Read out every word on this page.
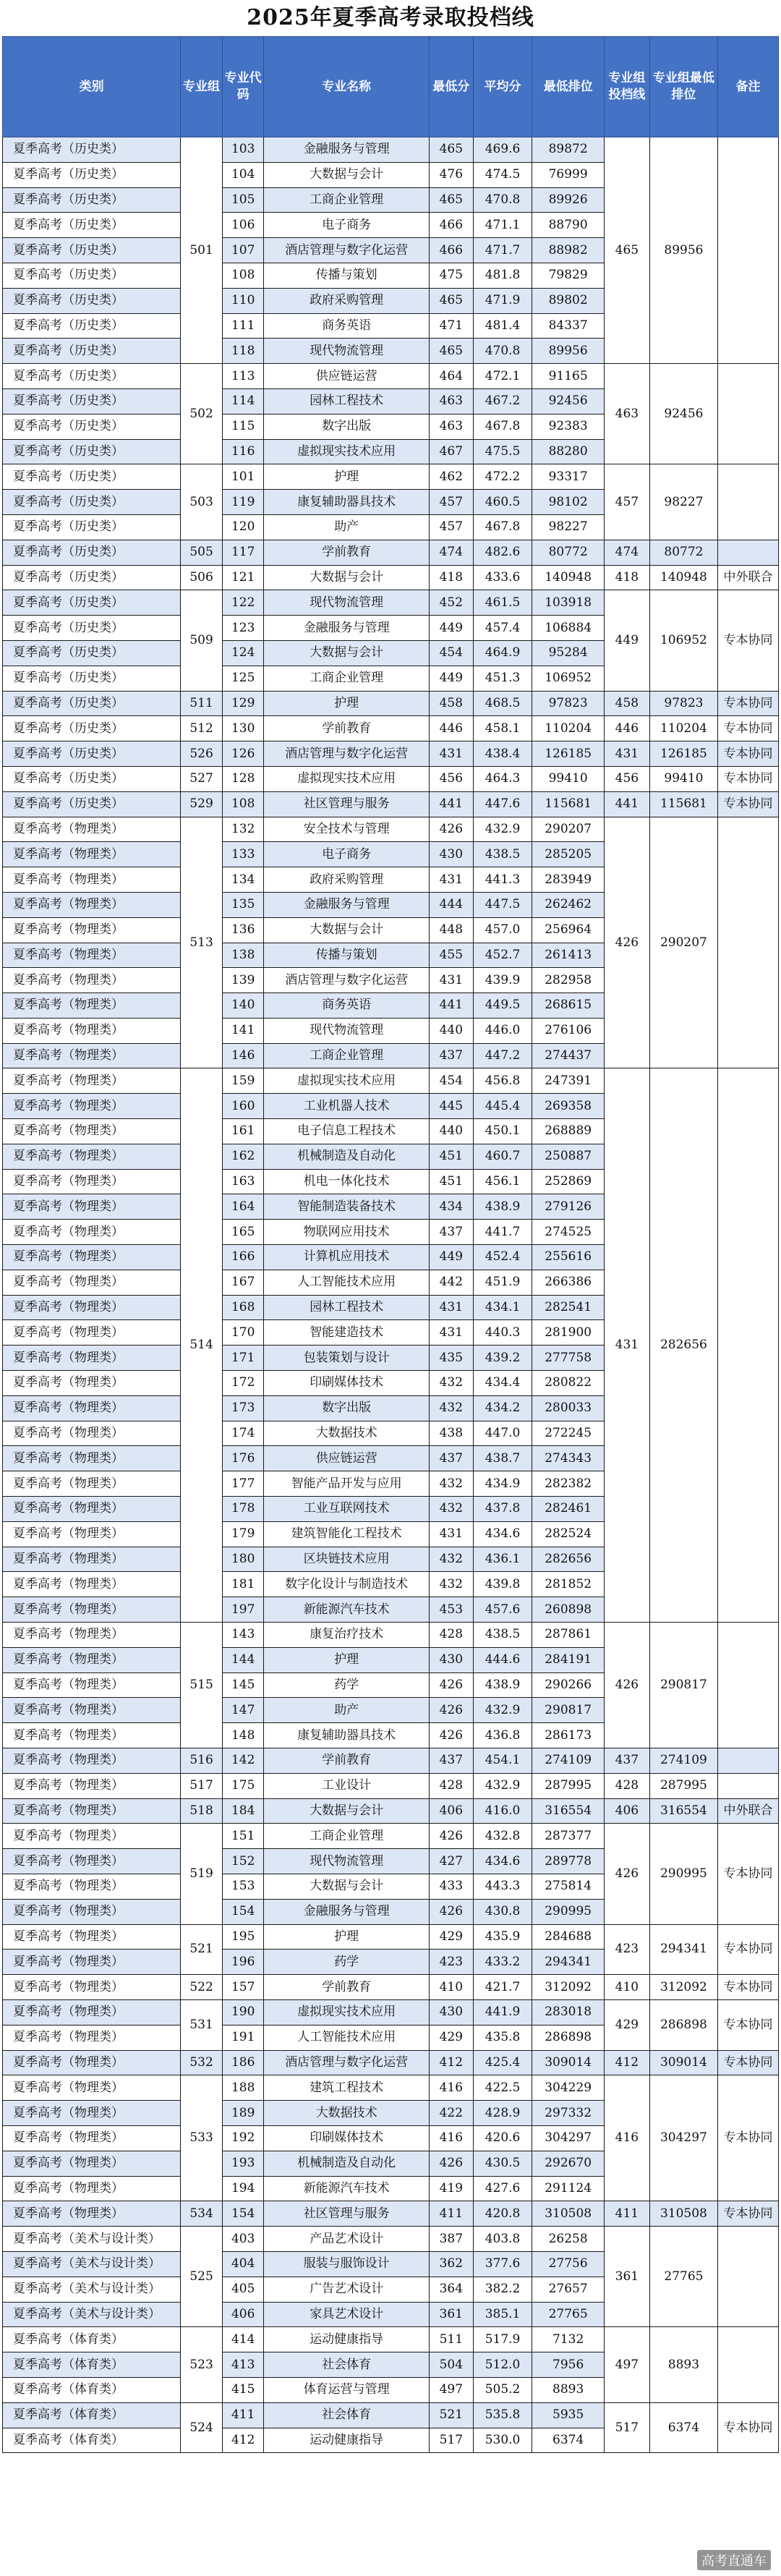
2025年夏季高考录取投档线
类别	专业组	专业代码	专业名称	最低分	平均分	最低排位	专业组投档线	专业组最低排位	备注
夏季高考（历史类）	501	103	金融服务与管理	465	469.6	89872	465	89956	
夏季高考（历史类）		104	大数据与会计	476	474.5	76999			
夏季高考（历史类）		105	工商企业管理	465	470.8	89926			
夏季高考（历史类）		106	电子商务	466	471.1	88790			
夏季高考（历史类）		107	酒店管理与数字化运营	466	471.7	88982			
夏季高考（历史类）		108	传播与策划	475	481.8	79829			
夏季高考（历史类）		110	政府采购管理	465	471.9	89802			
夏季高考（历史类）		111	商务英语	471	481.4	84337			
夏季高考（历史类）		118	现代物流管理	465	470.8	89956			
夏季高考（历史类）	502	113	供应链运营	464	472.1	91165	463	92456	
夏季高考（历史类）		114	园林工程技术	463	467.2	92456			
夏季高考（历史类）		115	数字出版	463	467.8	92383			
夏季高考（历史类）		116	虚拟现实技术应用	467	475.5	88280			
夏季高考（历史类）	503	101	护理	462	472.2	93317	457	98227	
夏季高考（历史类）		119	康复辅助器具技术	457	460.5	98102			
夏季高考（历史类）		120	助产	457	467.8	98227			
夏季高考（历史类）	505	117	学前教育	474	482.6	80772	474	80772	
夏季高考（历史类）	506	121	大数据与会计	418	433.6	140948	418	140948	中外联合
夏季高考（历史类）	509	122	现代物流管理	452	461.5	103918	449	106952	专本协同
夏季高考（历史类）		123	金融服务与管理	449	457.4	106884			
夏季高考（历史类）		124	大数据与会计	454	464.9	95284			
夏季高考（历史类）		125	工商企业管理	449	451.3	106952			
夏季高考（历史类）	511	129	护理	458	468.5	97823	458	97823	专本协同
夏季高考（历史类）	512	130	学前教育	446	458.1	110204	446	110204	专本协同
夏季高考（历史类）	526	126	酒店管理与数字化运营	431	438.4	126185	431	126185	专本协同
夏季高考（历史类）	527	128	虚拟现实技术应用	456	464.3	99410	456	99410	专本协同
夏季高考（历史类）	529	108	社区管理与服务	441	447.6	115681	441	115681	专本协同
夏季高考（物理类）	513	132	安全技术与管理	426	432.9	290207	426	290207	
夏季高考（物理类）		133	电子商务	430	438.5	285205			
夏季高考（物理类）		134	政府采购管理	431	441.3	283949			
夏季高考（物理类）		135	金融服务与管理	444	447.5	262462			
夏季高考（物理类）		136	大数据与会计	448	457.0	256964			
夏季高考（物理类）		138	传播与策划	455	452.7	261413			
夏季高考（物理类）		139	酒店管理与数字化运营	431	439.9	282958			
夏季高考（物理类）		140	商务英语	441	449.5	268615			
夏季高考（物理类）		141	现代物流管理	440	446.0	276106			
夏季高考（物理类）		146	工商企业管理	437	447.2	274437			
夏季高考（物理类）	514	159	虚拟现实技术应用	454	456.8	247391	431	282656	
夏季高考（物理类）		160	工业机器人技术	445	445.4	269358			
夏季高考（物理类）		161	电子信息工程技术	440	450.1	268889			
夏季高考（物理类）		162	机械制造及自动化	451	460.7	250887			
夏季高考（物理类）		163	机电一体化技术	451	456.1	252869			
夏季高考（物理类）		164	智能制造装备技术	434	438.9	279126			
夏季高考（物理类）		165	物联网应用技术	437	441.7	274525			
夏季高考（物理类）		166	计算机应用技术	449	452.4	255616			
夏季高考（物理类）		167	人工智能技术应用	442	451.9	266386			
夏季高考（物理类）		168	园林工程技术	431	434.1	282541			
夏季高考（物理类）		170	智能建造技术	431	440.3	281900			
夏季高考（物理类）		171	包装策划与设计	435	439.2	277758			
夏季高考（物理类）		172	印刷媒体技术	432	434.4	280822			
夏季高考（物理类）		173	数字出版	432	434.2	280033			
夏季高考（物理类）		174	大数据技术	438	447.0	272245			
夏季高考（物理类）		176	供应链运营	437	438.7	274343			
夏季高考（物理类）		177	智能产品开发与应用	432	434.9	282382			
夏季高考（物理类）		178	工业互联网技术	432	437.8	282461			
夏季高考（物理类）		179	建筑智能化工程技术	431	434.6	282524			
夏季高考（物理类）		180	区块链技术应用	432	436.1	282656			
夏季高考（物理类）		181	数字化设计与制造技术	432	439.8	281852			
夏季高考（物理类）		197	新能源汽车技术	453	457.6	260898			
夏季高考（物理类）	515	143	康复治疗技术	428	438.5	287861	426	290817	
夏季高考（物理类）		144	护理	430	444.6	284191			
夏季高考（物理类）		145	药学	426	438.9	290266			
夏季高考（物理类）		147	助产	426	432.9	290817			
夏季高考（物理类）		148	康复辅助器具技术	426	436.8	286173			
夏季高考（物理类）	516	142	学前教育	437	454.1	274109	437	274109	
夏季高考（物理类）	517	175	工业设计	428	432.9	287995	428	287995	
夏季高考（物理类）	518	184	大数据与会计	406	416.0	316554	406	316554	中外联合
夏季高考（物理类）	519	151	工商企业管理	426	432.8	287377	426	290995	专本协同
夏季高考（物理类）		152	现代物流管理	427	434.6	289778			
夏季高考（物理类）		153	大数据与会计	433	443.3	275814			
夏季高考（物理类）		154	金融服务与管理	426	430.8	290995			
夏季高考（物理类）	521	195	护理	429	435.9	284688	423	294341	专本协同
夏季高考（物理类）		196	药学	423	433.2	294341			
夏季高考（物理类）	522	157	学前教育	410	421.7	312092	410	312092	专本协同
夏季高考（物理类）	531	190	虚拟现实技术应用	430	441.9	283018	429	286898	专本协同
夏季高考（物理类）		191	人工智能技术应用	429	435.8	286898			
夏季高考（物理类）	532	186	酒店管理与数字化运营	412	425.4	309014	412	309014	专本协同
夏季高考（物理类）	533	188	建筑工程技术	416	422.5	304229	416	304297	专本协同
夏季高考（物理类）		189	大数据技术	422	428.9	297332			
夏季高考（物理类）		192	印刷媒体技术	416	420.6	304297			
夏季高考（物理类）		193	机械制造及自动化	426	430.5	292670			
夏季高考（物理类）		194	新能源汽车技术	419	427.6	291124			
夏季高考（物理类）	534	154	社区管理与服务	411	420.8	310508	411	310508	专本协同
夏季高考（美术与设计类）	525	403	产品艺术设计	387	403.8	26258	361	27765	
夏季高考（美术与设计类）		404	服装与服饰设计	362	377.6	27756			
夏季高考（美术与设计类）		405	广告艺术设计	364	382.2	27657			
夏季高考（美术与设计类）		406	家具艺术设计	361	385.1	27765			
夏季高考（体育类）	523	414	运动健康指导	511	517.9	7132	497	8893	
夏季高考（体育类）		413	社会体育	504	512.0	7956			
夏季高考（体育类）		415	体育运营与管理	497	505.2	8893			
夏季高考（体育类）	524	411	社会体育	521	535.8	5935	517	6374	专本协同
夏季高考（体育类）		412	运动健康指导	517	530.0	6374			
高考直通车
